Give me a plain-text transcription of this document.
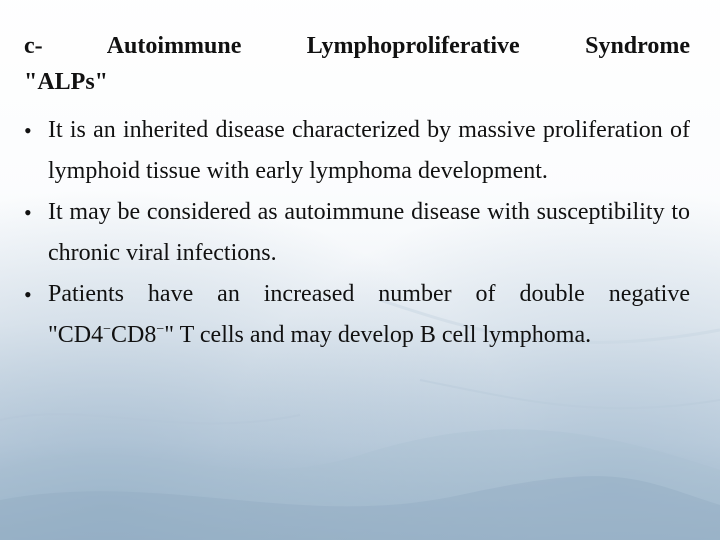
c- Autoimmune Lymphoproliferative Syndrome

"ALPs"

• It is an inherited disease characterized by massive proliferation of lymphoid tissue with early lymphoma development.
• It may be considered as autoimmune disease with susceptibility to chronic viral infections.
• Patients have an increased number of double negative "CD4−CD8−" T cells and may develop B cell lymphoma.
